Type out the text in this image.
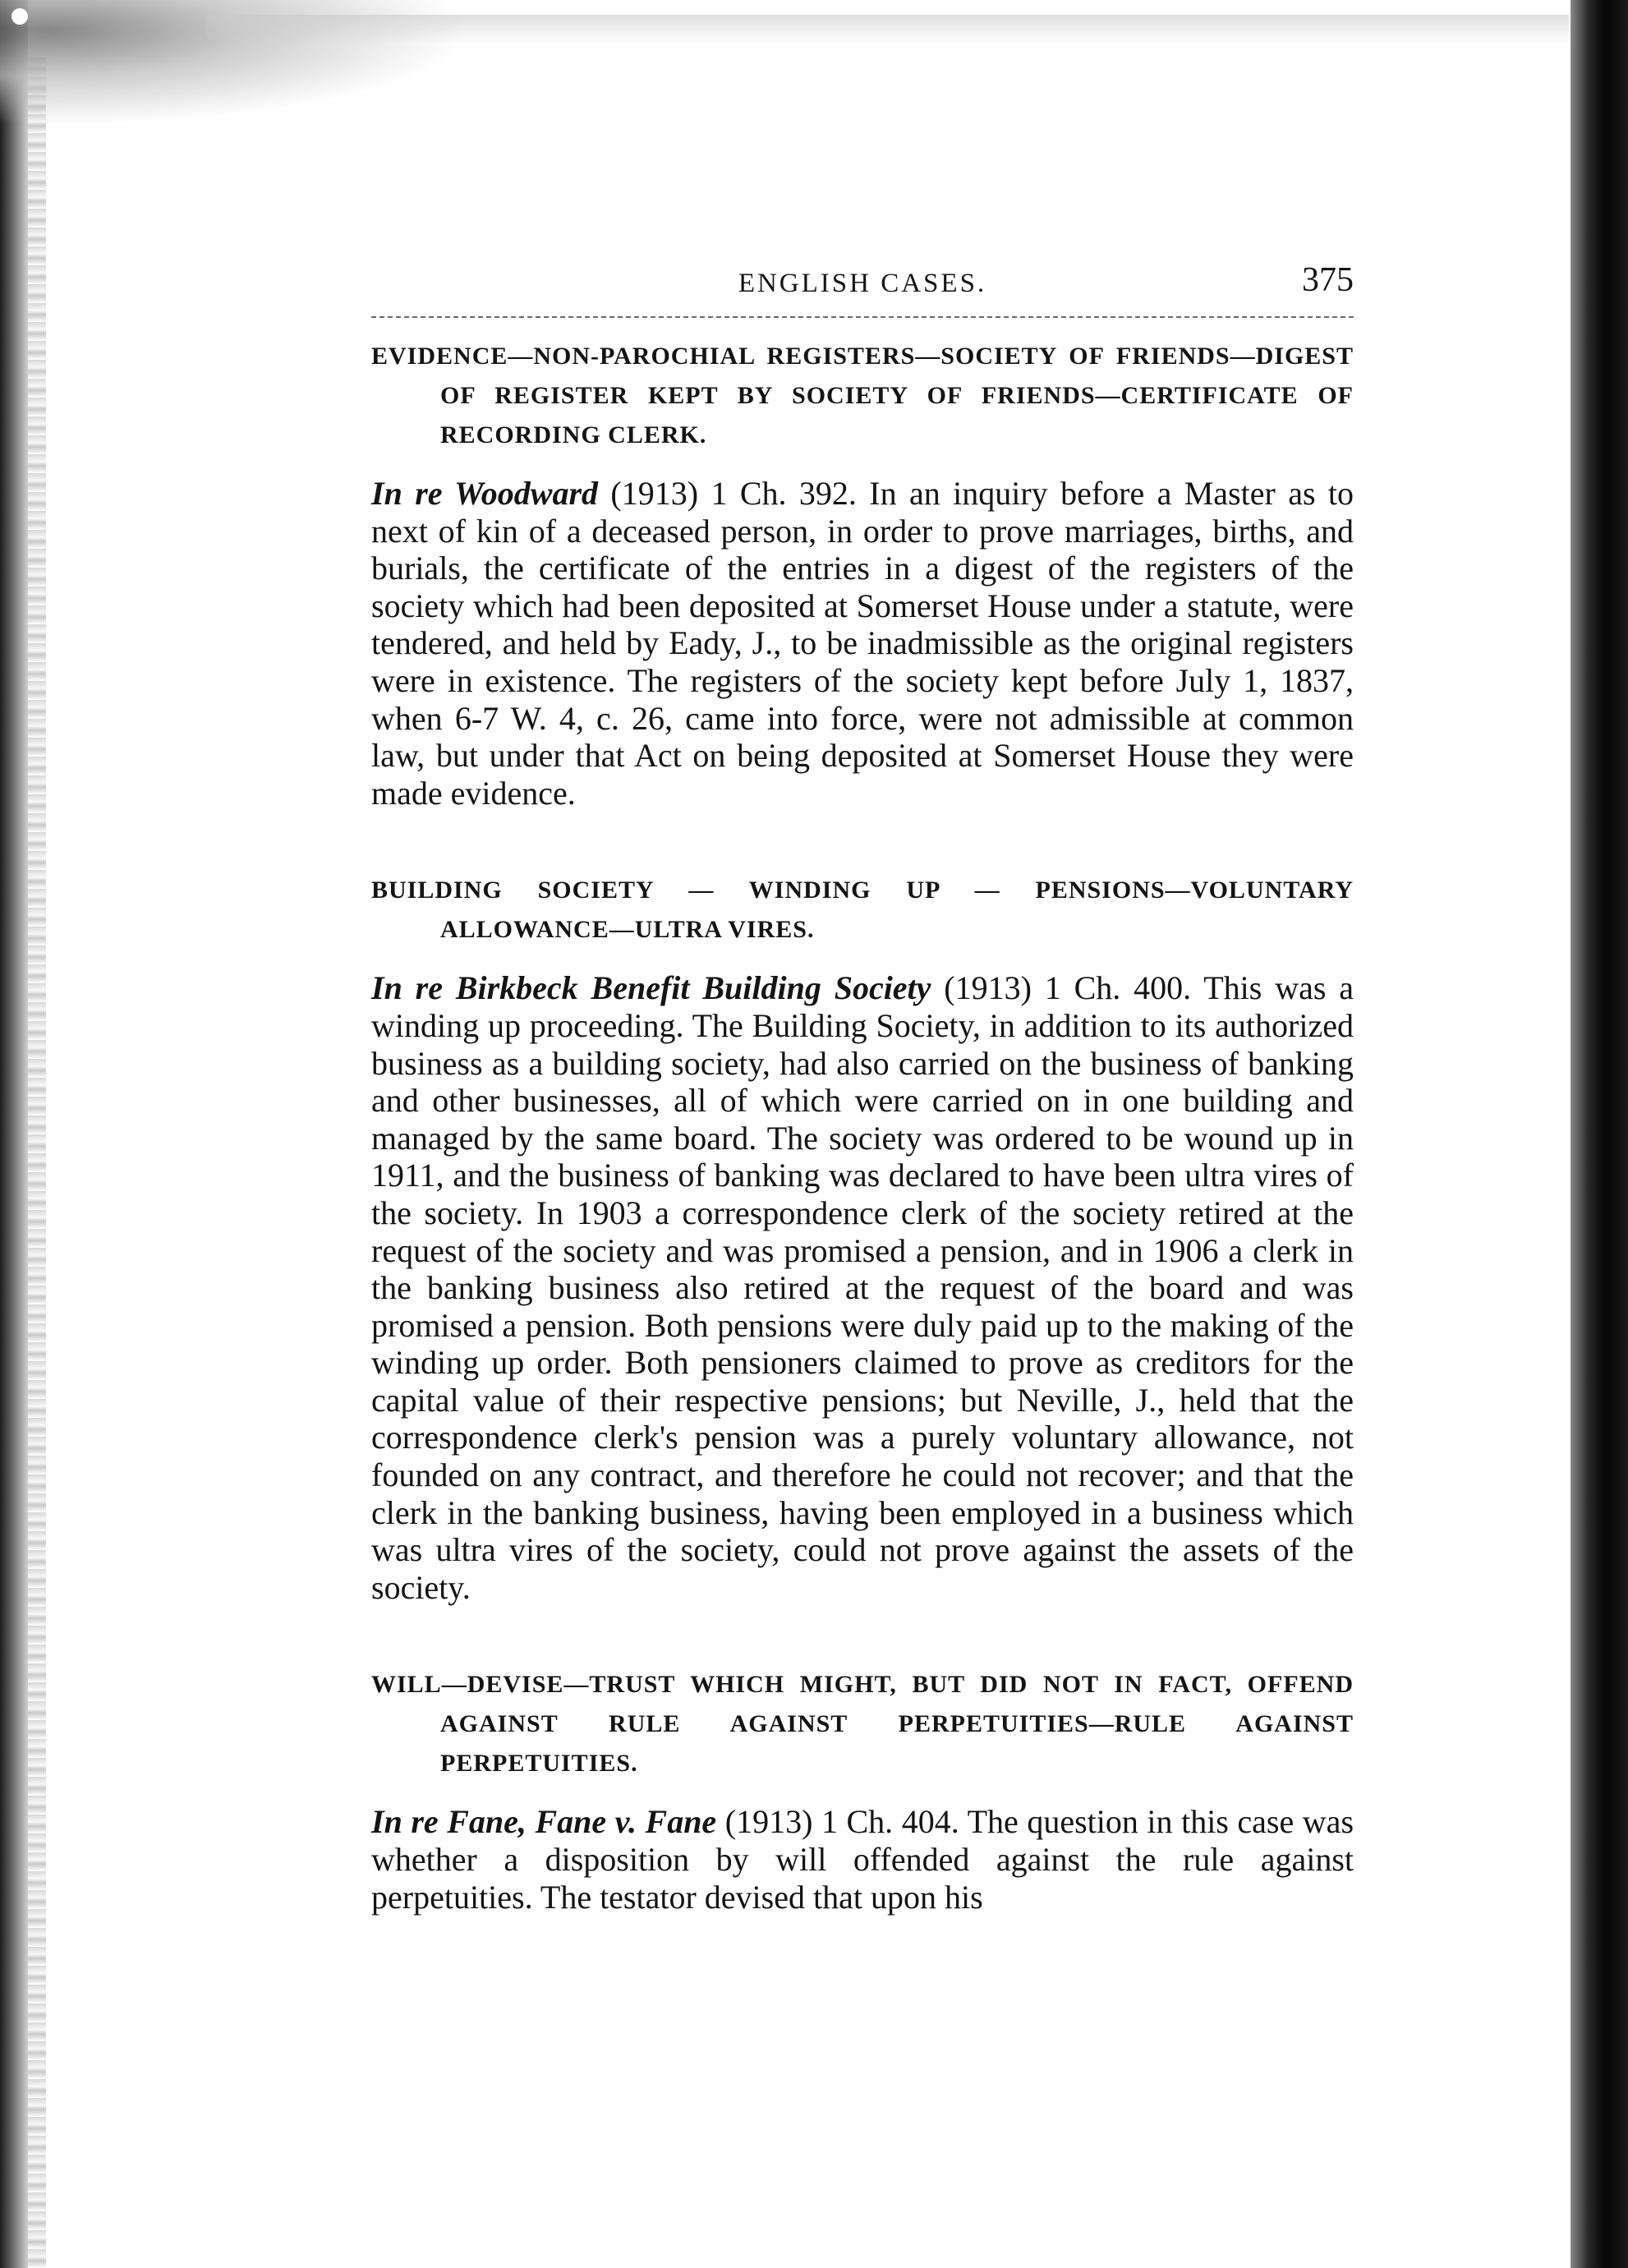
ENGLISH CASES.	375
EVIDENCE—NON-PAROCHIAL REGISTERS—SOCIETY OF FRIENDS—DIGEST OF REGISTER KEPT BY SOCIETY OF FRIENDS—CERTIFICATE OF RECORDING CLERK.
In re Woodward (1913) 1 Ch. 392. In an inquiry before a Master as to next of kin of a deceased person, in order to prove marriages, births, and burials, the certificate of the entries in a digest of the registers of the society which had been deposited at Somerset House under a statute, were tendered, and held by Eady, J., to be inadmissible as the original registers were in existence. The registers of the society kept before July 1, 1837, when 6-7 W. 4, c. 26, came into force, were not admissible at common law, but under that Act on being deposited at Somerset House they were made evidence.
BUILDING SOCIETY — WINDING UP — PENSIONS—VOLUNTARY ALLOWANCE—ULTRA VIRES.
In re Birkbeck Benefit Building Society (1913) 1 Ch. 400. This was a winding up proceeding. The Building Society, in addition to its authorized business as a building society, had also carried on the business of banking and other businesses, all of which were carried on in one building and managed by the same board. The society was ordered to be wound up in 1911, and the business of banking was declared to have been ultra vires of the society. In 1903 a correspondence clerk of the society retired at the request of the society and was promised a pension, and in 1906 a clerk in the banking business also retired at the request of the board and was promised a pension. Both pensions were duly paid up to the making of the winding up order. Both pensioners claimed to prove as creditors for the capital value of their respective pensions; but Neville, J., held that the correspondence clerk's pension was a purely voluntary allowance, not founded on any contract, and therefore he could not recover; and that the clerk in the banking business, having been employed in a business which was ultra vires of the society, could not prove against the assets of the society.
WILL—DEVISE—TRUST WHICH MIGHT, BUT DID NOT IN FACT, OFFEND AGAINST RULE AGAINST PERPETUITIES—RULE AGAINST PERPETUITIES.
In re Fane, Fane v. Fane (1913) 1 Ch. 404. The question in this case was whether a disposition by will offended against the rule against perpetuities. The testator devised that upon his
